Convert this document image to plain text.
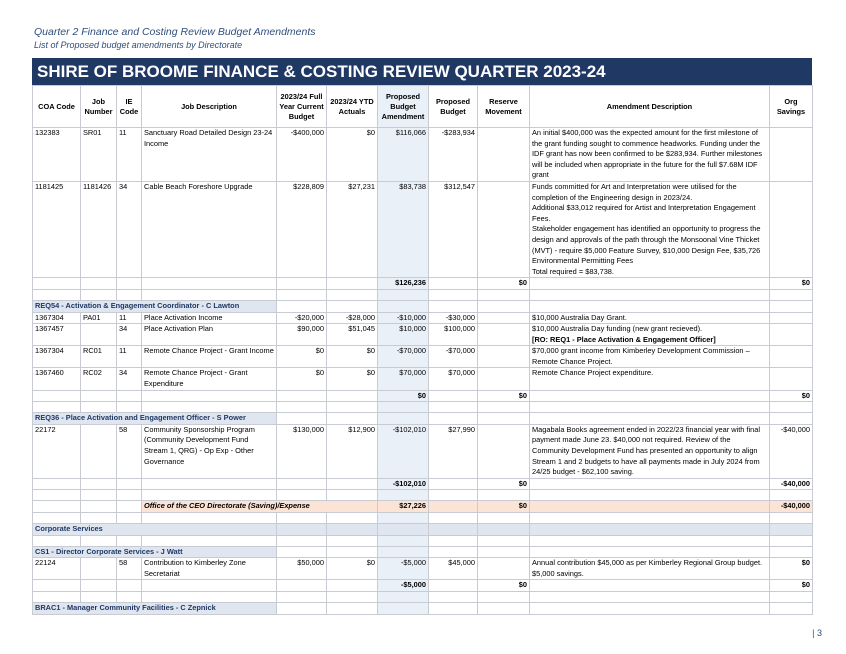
Quarter 2 Finance and Costing Review Budget Amendments
List of Proposed budget amendments by Directorate
SHIRE OF BROOME FINANCE & COSTING REVIEW QUARTER 2023-24
COA Code	Job Number	IE Code	Job Description	2023/24 Full Year Current Budget	2023/24 YTD Actuals	Proposed Budget Amendment	Proposed Budget	Reserve Movement	Amendment Description	Org Savings
132383	SR01	11	Sanctuary Road Detailed Design 23-24 Income	-$400,000	$0	$116,066	-$283,934		An initial $400,000 was the expected amount for the first milestone of the grant funding sought to commence headworks. Funding under the IDF grant has now been confirmed to be $283,934. Further milestones will be included when appropriate in the future for the full $7.68M IDF grant	
1181425	1181426	34	Cable Beach Foreshore Upgrade	$228,809	$27,231	$83,738	$312,547		Funds committed for Art and Interpretation were utilised for the completion of the Engineering design in 2023/24.
Additional $33,012 required for Artist and Interpretation Engagement Fees.
Stakeholder engagement has identified an opportunity to progress the design and approvals of the path through the Monsoonal Vine Thicket (MVT) - require $5,000 Feature Survey, $10,000 Design Fee, $35,726 Environmental Permitting Fees
Total required = $83,738.	

						$126,236		$0		$0

REQ54 - Activation & Engagement Coordinator - C Lawton										
1367304	PA01	11	Place Activation Income	-$20,000	-$28,000	-$10,000	-$30,000		$10,000 Australia Day Grant.	
1367457		34	Place Activation Plan	$90,000	$51,045	$10,000	$100,000		$10,000 Australia Day funding (new grant recieved).
[RO: REQ1 - Place Activation & Engagement Officer]	

1367304	RC01	11	Remote Chance Project - Grant Income	$0	$0	-$70,000	-$70,000		$70,000 grant income from Kimberley Development Commission – Remote Chance Project.	
1367460	RC02	34	Remote Chance Project - Grant Expenditure	$0	$0	$70,000	$70,000		Remote Chance Project expenditure.	
						$0		$0		$0

REQ36 - Place Activation and Engagement Officer - S Power										
22172		58	Community Sponsorship Program (Community Development Fund Stream 1, QRG) - Op Exp - Other Governance	$130,000	$12,900	-$102,010	$27,990		Magabala Books agreement ended in 2022/23 financial year with final payment made June 23. $40,000 not required. Review of the Community Development Fund has presented an opportunity to align Stream 1 and 2 budgets to have all payments made in July 2024 from 24/25 budget - $62,100 saving.	-$40,000
						-$102,010		$0		-$40,000

			Office of the CEO Directorate (Saving)/Expense			$27,226		$0		-$40,000

Corporate Services										

CS1 - Director Corporate Services - J Watt										
22124		58	Contribution to Kimberley Zone Secretariat	$50,000	$0	-$5,000	$45,000		Annual contribution $45,000 as per Kimberley Regional Group budget. $5,000 savings.	$0
						-$5,000		$0		$0

BRAC1 - Manager Community Facilities - C Zepnick										
| 3
